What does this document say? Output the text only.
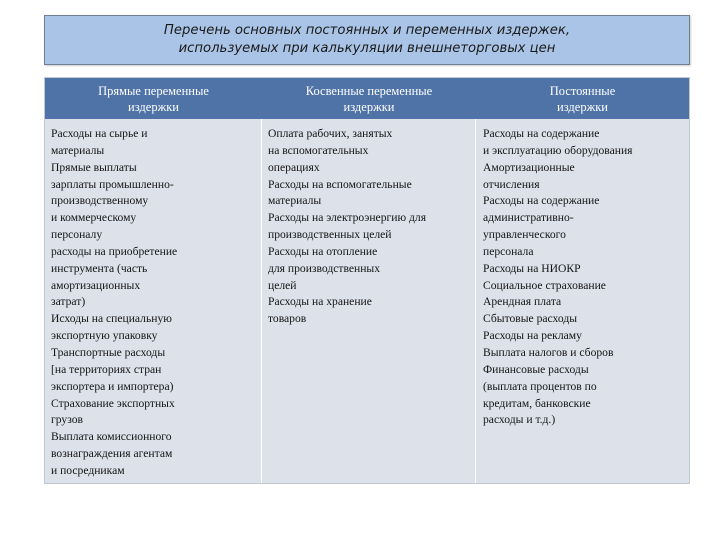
Перечень основных постоянных и переменных издержек,
используемых при калькуляции внешнеторговых цен
Прямые переменные
издержки
Косвенные переменные
издержки
Постоянные
издержки
Расходы на сырье и
материалы
Прямые выплаты
зарплаты промышленно-
производственному
и коммерческому
персоналу
расходы на приобретение
инструмента (часть
амортизационных
затрат)
Исходы на специальную
экспортную упаковку
Транспортные расходы
[на территориях стран
экспортера и импортера)
Страхование экспортных
грузов
Выплата комиссионного
вознаграждения агентам
и посредникам
Оплата рабочих, занятых
на вспомогательных
операциях
Расходы на вспомогательные
материалы
Расходы на электроэнергию для
производственных целей
Расходы на отопление
для производственных
целей
Расходы на хранение
товаров
Расходы на содержание
и эксплуатацию оборудования
Амортизационные
отчисления
Расходы на содержание
административно-
управленческого
персонала
Расходы на НИОКР
Социальное страхование
Арендная плата
Сбытовые расходы
Расходы на рекламу
Выплата налогов и сборов
Финансовые расходы
(выплата процентов по
кредитам, банковские
расходы и т.д.)
